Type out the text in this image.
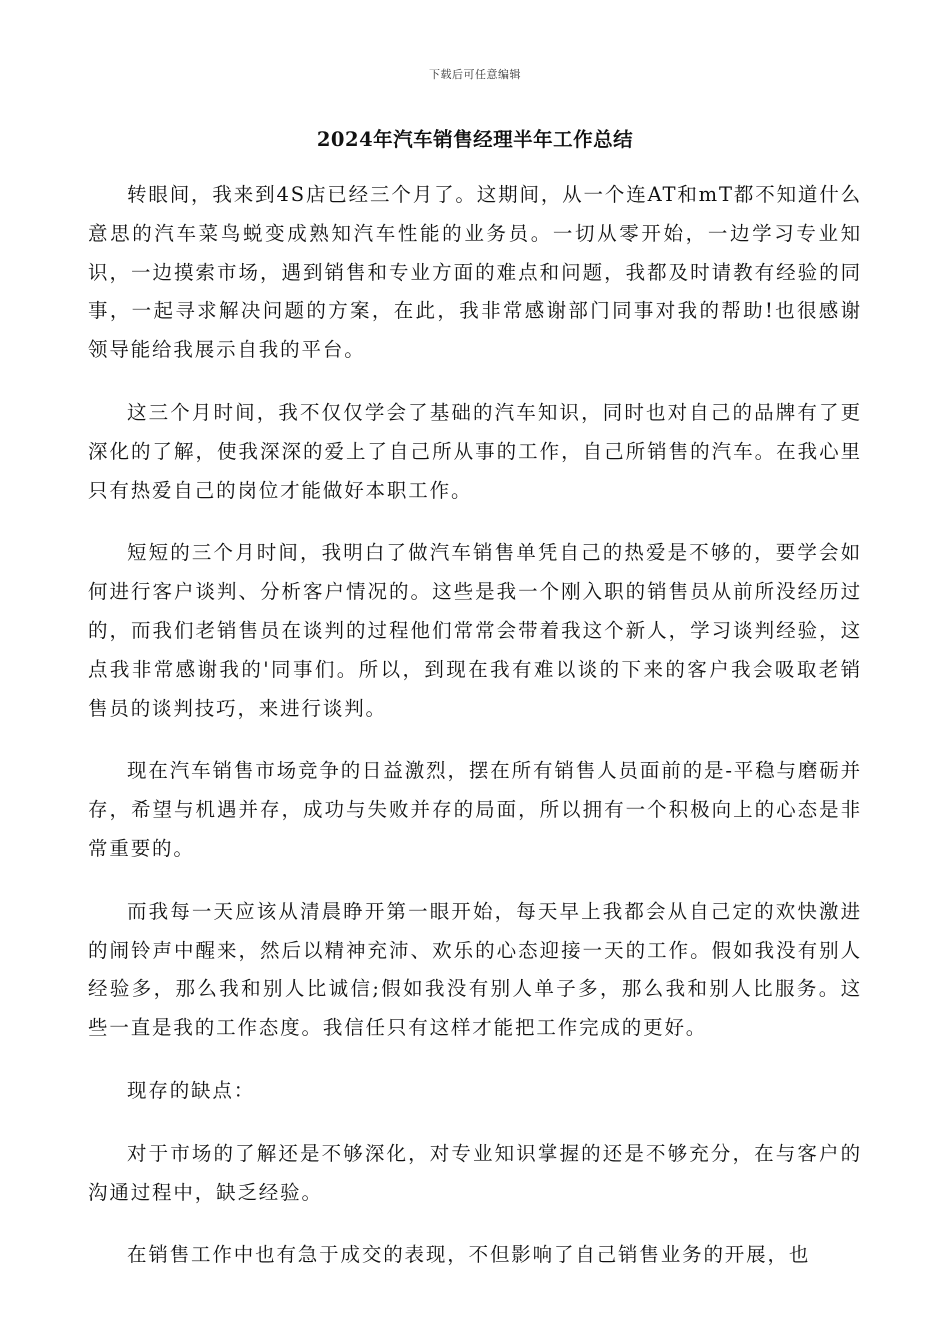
下载后可任意编辑
2024年汽车销售经理半年工作总结

转眼间，我来到4S店已经三个月了。这期间，从一个连AT和mT都不知道什么意思的汽车菜鸟蜕变成熟知汽车性能的业务员。一切从零开始，一边学习专业知识，一边摸索市场，遇到销售和专业方面的难点和问题，我都及时请教有经验的同事，一起寻求解决问题的方案，在此，我非常感谢部门同事对我的帮助!也很感谢领导能给我展示自我的平台。

这三个月时间，我不仅仅学会了基础的汽车知识，同时也对自己的品牌有了更深化的了解，使我深深的爱上了自己所从事的工作，自己所销售的汽车。在我心里只有热爱自己的岗位才能做好本职工作。

短短的三个月时间，我明白了做汽车销售单凭自己的热爱是不够的，要学会如何进行客户谈判、分析客户情况的。这些是我一个刚入职的销售员从前所没经历过的，而我们老销售员在谈判的过程他们常常会带着我这个新人，学习谈判经验，这点我非常感谢我的'同事们。所以，到现在我有难以谈的下来的客户我会吸取老销售员的谈判技巧，来进行谈判。

现在汽车销售市场竞争的日益激烈，摆在所有销售人员面前的是-平稳与磨砺并存，希望与机遇并存，成功与失败并存的局面，所以拥有一个积极向上的心态是非常重要的。

而我每一天应该从清晨睁开第一眼开始，每天早上我都会从自己定的欢快激进的闹铃声中醒来，然后以精神充沛、欢乐的心态迎接一天的工作。假如我没有别人经验多，那么我和别人比诚信;假如我没有别人单子多，那么我和别人比服务。这些一直是我的工作态度。我信任只有这样才能把工作完成的更好。

现存的缺点：

对于市场的了解还是不够深化，对专业知识掌握的还是不够充分，在与客户的沟通过程中，缺乏经验。

在销售工作中也有急于成交的表现，不但影响了自己销售业务的开展，也
